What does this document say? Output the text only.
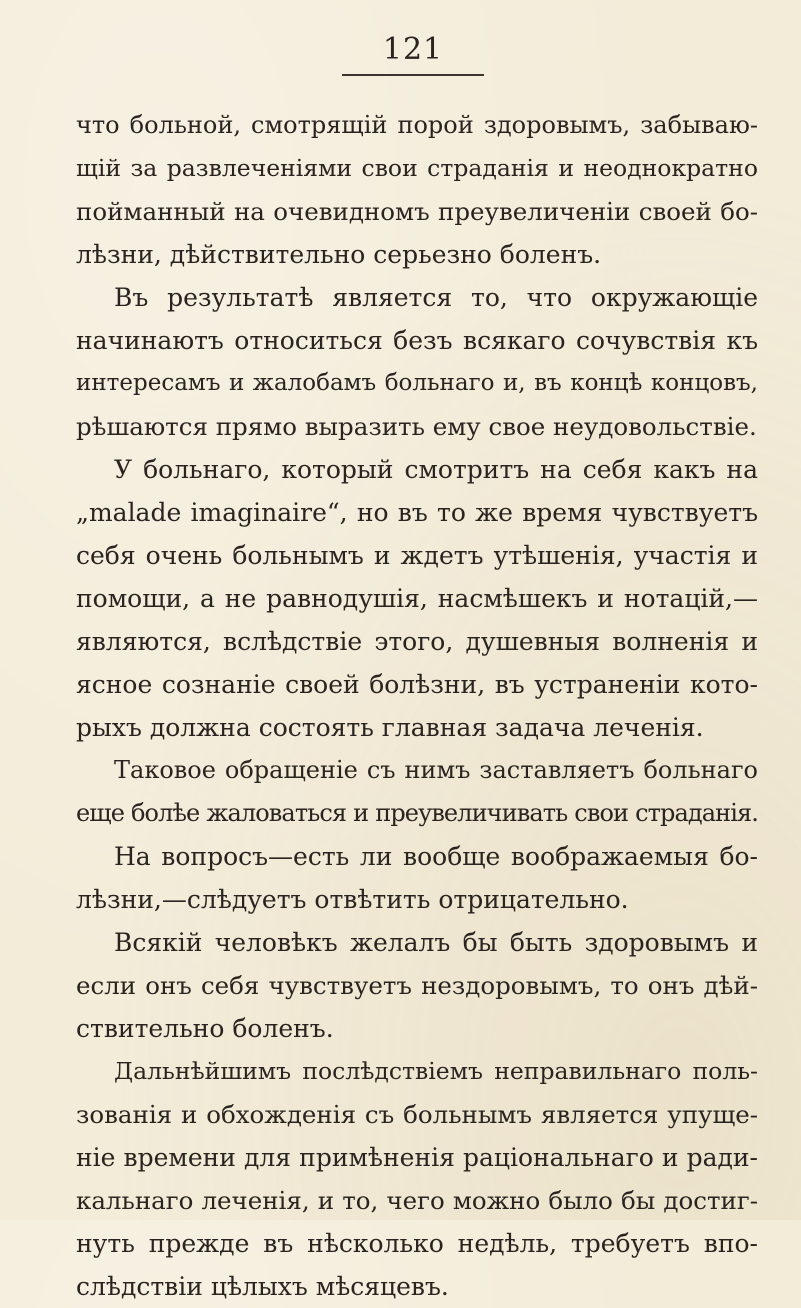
121
что больной, смотрящій порой здоровымъ, забываю-
щій за развлеченіями свои страданія и неоднократно
пойманный на очевидномъ преувеличеніи своей бо-
лѣзни, дѣйствительно серьезно боленъ.
Въ результатѣ является то, что окружающіе
начинаютъ относиться безъ всякаго сочувствія къ
интересамъ и жалобамъ больнаго и, въ концѣ концовъ,
рѣшаются прямо выразить ему свое неудовольствіе.
У больнаго, который смотритъ на себя какъ на
„malade imaginaire“, но въ то же время чувствуетъ
себя очень больнымъ и ждетъ утѣшенія, участія и
помощи, а не равнодушія, насмѣшекъ и нотацій,—
являются, вслѣдствіе этого, душевныя волненія и
ясное сознаніе своей болѣзни, въ устраненіи кото-
рыхъ должна состоять главная задача леченія.
Таковое обращеніе съ нимъ заставляетъ больнаго
еще болѣе жаловаться и преувеличивать свои страданія.
На вопросъ—есть ли вообще воображаемыя бо-
лѣзни,—слѣдуетъ отвѣтить отрицательно.
Всякій человѣкъ желалъ бы быть здоровымъ и
если онъ себя чувствуетъ нездоровымъ, то онъ дѣй-
ствительно боленъ.
Дальнѣйшимъ послѣдствіемъ неправильнаго поль-
зованія и обхожденія съ больнымъ является упуще-
ніе времени для примѣненія раціональнаго и ради-
кальнаго леченія, и то, чего можно было бы достиг-
нуть прежде въ нѣсколько недѣль, требуетъ впо-
слѣдствіи цѣлыхъ мѣсяцевъ.
